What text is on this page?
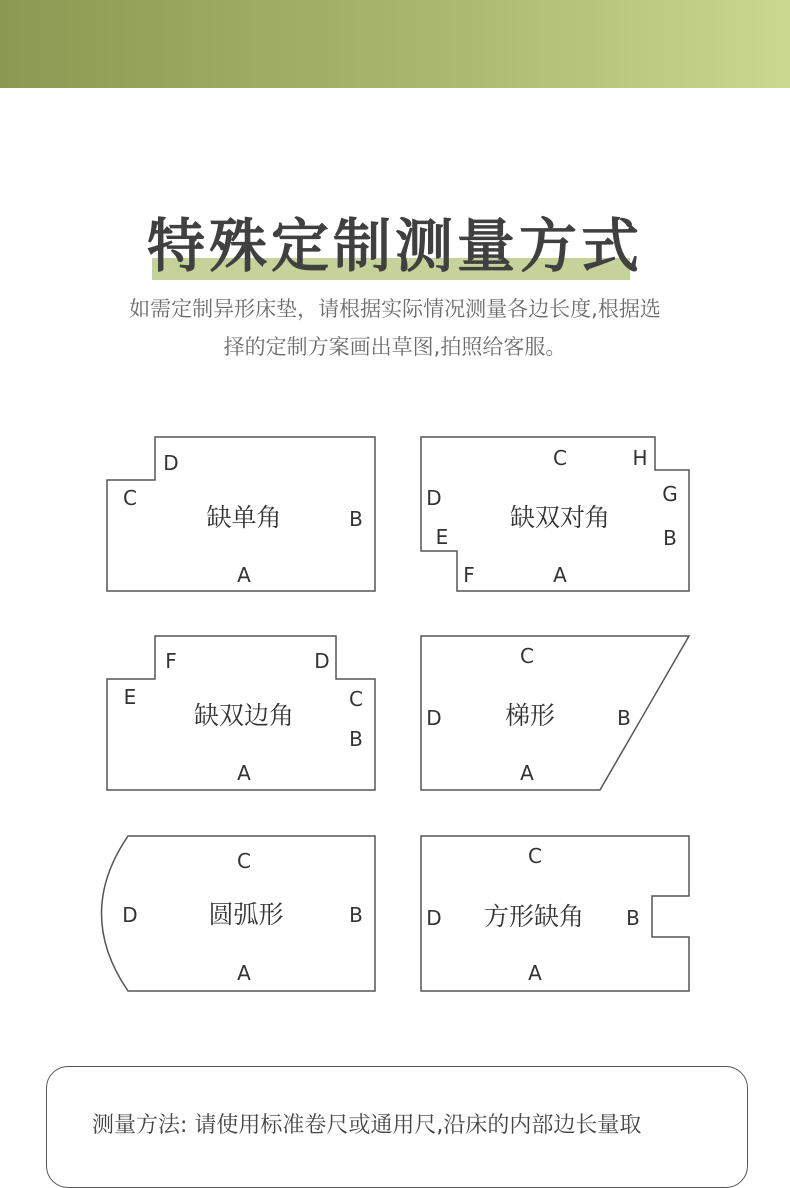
特殊定制测量方式
如需定制异形床垫，请根据实际情况测量各边长度,根据选
择的定制方案画出草图,拍照给客服。
D
C
B
A
缺单角
C	H
D	G
E	B
F	A
缺双对角
F	D
E	C
B
A
缺双边角
C
D	B
A
梯形
C
D	B
A
圆弧形
C
D	B
A
方形缺角
测量方法: 请使用标准卷尺或通用尺,沿床的内部边长量取
